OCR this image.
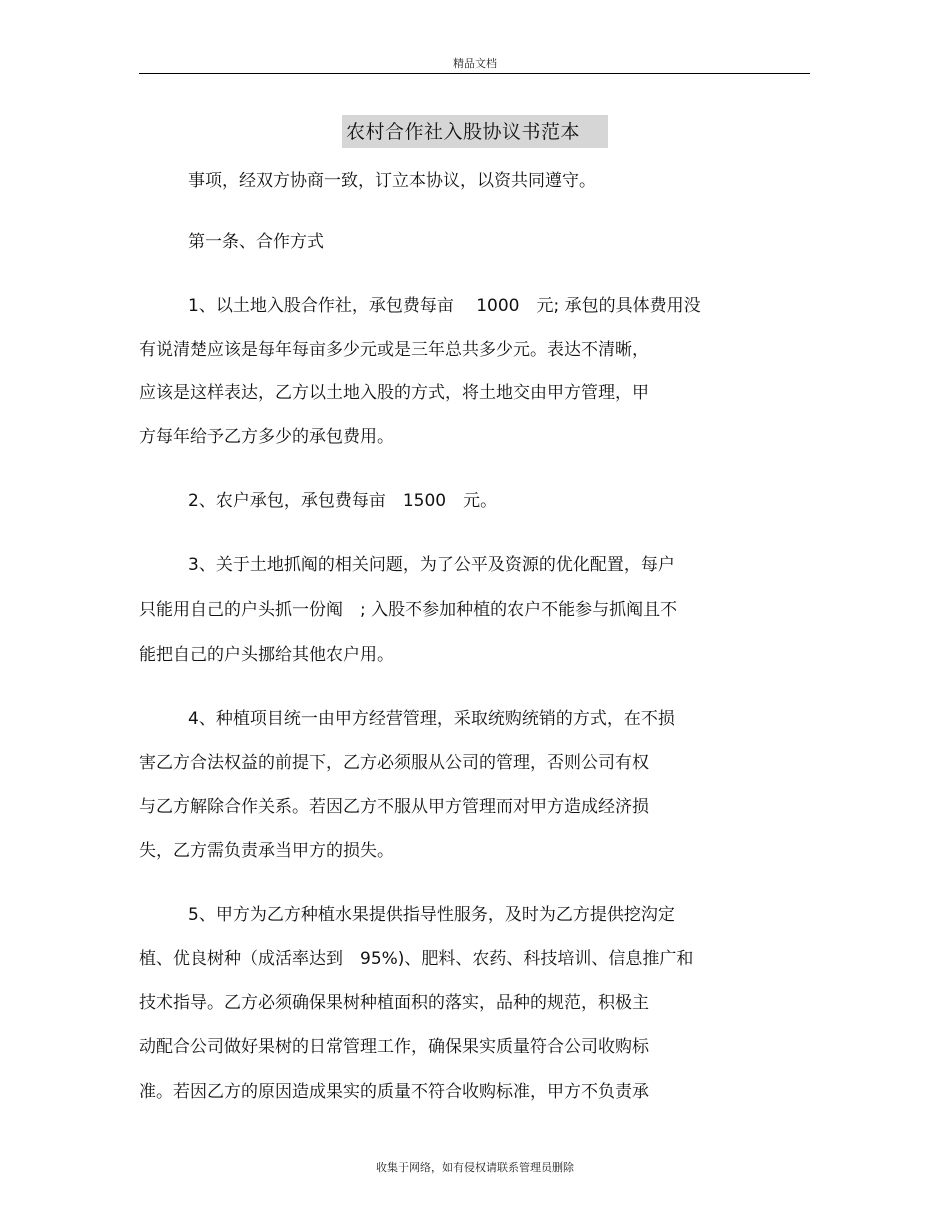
精品文档
农村合作社入股协议书范本
事项，经双方协商一致，订立本协议，以资共同遵守。
第一条、合作方式
1、以土地入股合作社，承包费每亩　 1000　元; 承包的具体费用没
有说清楚应该是每年每亩多少元或是三年总共多少元。表达不清晰，
应该是这样表达，乙方以土地入股的方式，将土地交由甲方管理，甲
方每年给予乙方多少的承包费用。
2、农户承包，承包费每亩　1500　元。
3、关于土地抓阄的相关问题，为了公平及资源的优化配置，每户
只能用自己的户头抓一份阄　; 入股不参加种植的农户不能参与抓阄且不
能把自己的户头挪给其他农户用。
4、种植项目统一由甲方经营管理，采取统购统销的方式，在不损
害乙方合法权益的前提下，乙方必须服从公司的管理，否则公司有权
与乙方解除合作关系。若因乙方不服从甲方管理而对甲方造成经济损
失，乙方需负责承当甲方的损失。
5、甲方为乙方种植水果提供指导性服务，及时为乙方提供挖沟定
植、优良树种（成活率达到　95%)、肥料、农药、科技培训、信息推广和
技术指导。乙方必须确保果树种植面积的落实，品种的规范，积极主
动配合公司做好果树的日常管理工作，确保果实质量符合公司收购标
准。若因乙方的原因造成果实的质量不符合收购标准，甲方不负责承
收集于网络，如有侵权请联系管理员删除
